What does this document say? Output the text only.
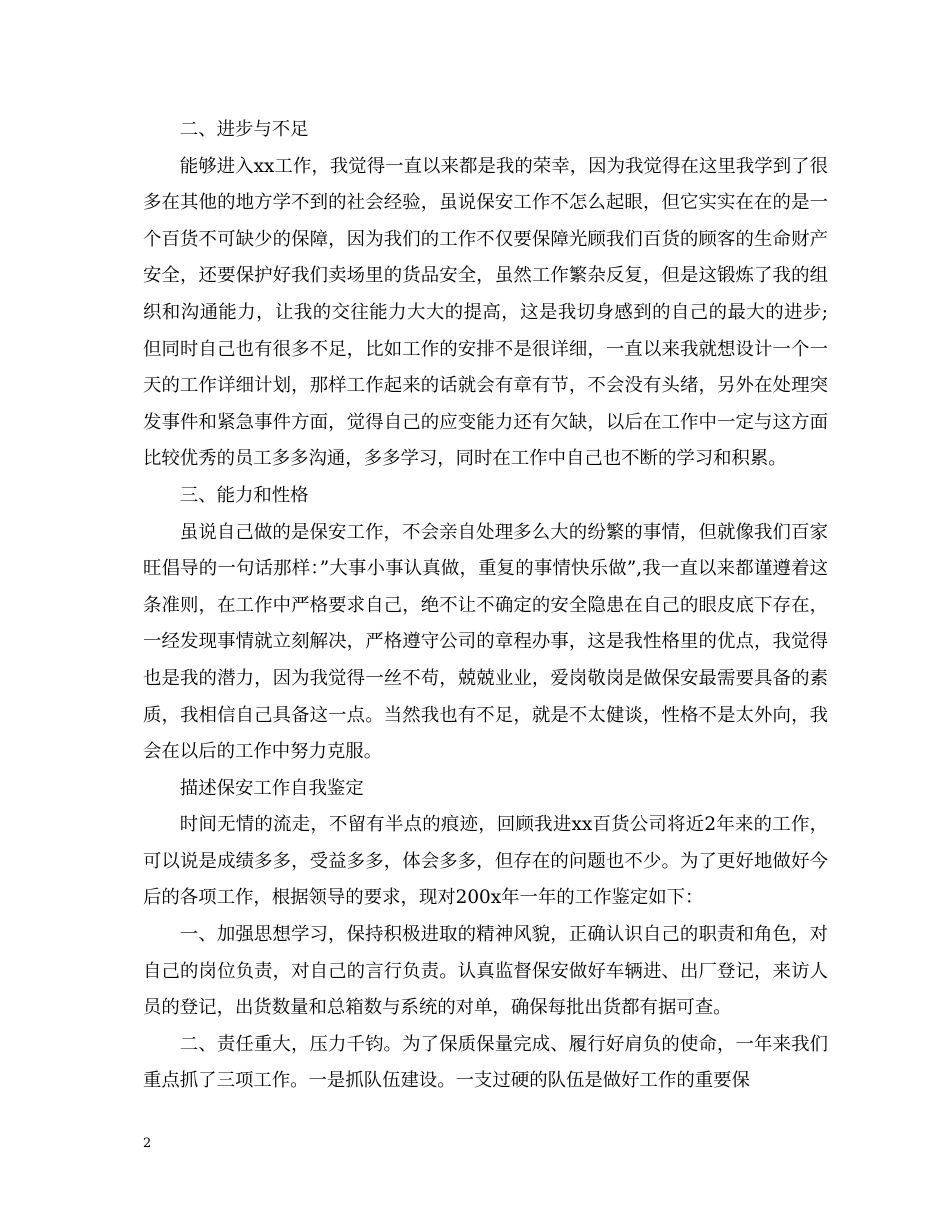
二、进步与不足

能够进入xx工作，我觉得一直以来都是我的荣幸，因为我觉得在这里我学到了很多在其他的地方学不到的社会经验，虽说保安工作不怎么起眼，但它实实在在的是一个百货不可缺少的保障，因为我们的工作不仅要保障光顾我们百货的顾客的生命财产安全，还要保护好我们卖场里的货品安全，虽然工作繁杂反复，但是这锻炼了我的组织和沟通能力，让我的交往能力大大的提高，这是我切身感到的自己的最大的进步;但同时自己也有很多不足，比如工作的安排不是很详细，一直以来我就想设计一个一天的工作详细计划，那样工作起来的话就会有章有节，不会没有头绪，另外在处理突发事件和紧急事件方面，觉得自己的应变能力还有欠缺，以后在工作中一定与这方面比较优秀的员工多多沟通，多多学习，同时在工作中自己也不断的学习和积累。

三、能力和性格

虽说自己做的是保安工作，不会亲自处理多么大的纷繁的事情，但就像我们百家旺倡导的一句话那样：”大事小事认真做，重复的事情快乐做”,我一直以来都谨遵着这条准则，在工作中严格要求自己，绝不让不确定的安全隐患在自己的眼皮底下存在，一经发现事情就立刻解决，严格遵守公司的章程办事，这是我性格里的优点，我觉得也是我的潜力，因为我觉得一丝不苟，兢兢业业，爱岗敬岗是做保安最需要具备的素质，我相信自己具备这一点。当然我也有不足，就是不太健谈，性格不是太外向，我会在以后的工作中努力克服。

描述保安工作自我鉴定

时间无情的流走，不留有半点的痕迹，回顾我进xx百货公司将近2年来的工作，可以说是成绩多多，受益多多，体会多多，但存在的问题也不少。为了更好地做好今后的各项工作，根据领导的要求，现对200x年一年的工作鉴定如下：

一、加强思想学习，保持积极进取的精神风貌，正确认识自己的职责和角色，对自己的岗位负责，对自己的言行负责。认真监督保安做好车辆进、出厂登记，来访人员的登记，出货数量和总箱数与系统的对单，确保每批出货都有据可查。

二、责任重大，压力千钧。为了保质保量完成、履行好肩负的使命，一年来我们重点抓了三项工作。一是抓队伍建设。一支过硬的队伍是做好工作的重要保

2
